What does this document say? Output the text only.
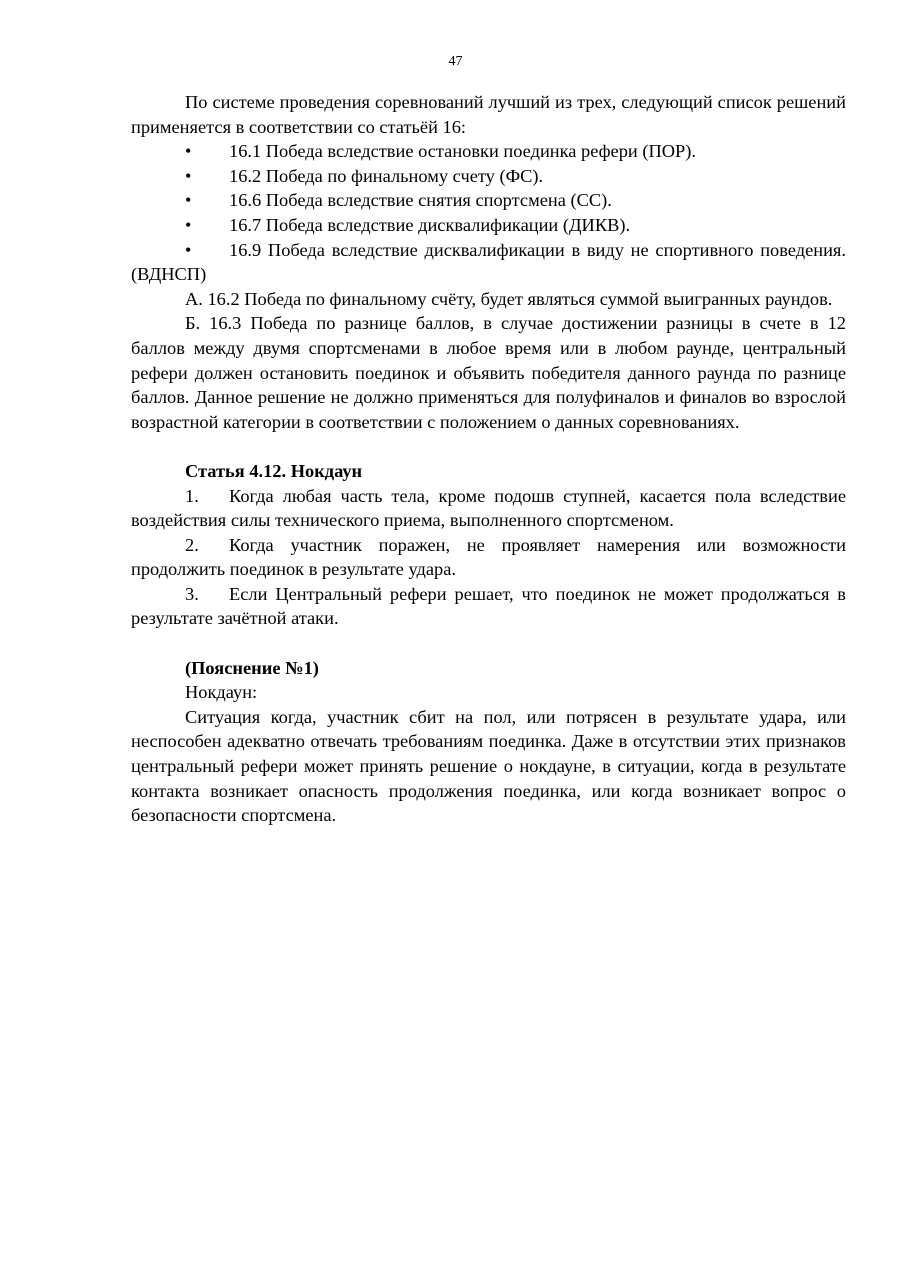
47

По системе проведения соревнований лучший из трех, следующий список решений применяется в соответствии со статьёй 16:

• 16.1 Победа вследствие остановки поединка рефери (ПОР).
• 16.2 Победа по финальному счету (ФС).
• 16.6 Победа вследствие снятия спортсмена (СС).
• 16.7 Победа вследствие дисквалификации (ДИКВ).
• 16.9 Победа вследствие дисквалификации в виду не спортивного поведения. (ВДНСП)

А. 16.2 Победа по финальному счёту, будет являться суммой выигранных раундов.

Б. 16.3 Победа по разнице баллов, в случае достижении разницы в счете в 12 баллов между двумя спортсменами в любое время или в любом раунде, центральный рефери должен остановить поединок и объявить победителя данного раунда по разнице баллов. Данное решение не должно применяться для полуфиналов и финалов во взрослой возрастной категории в соответствии с положением о данных соревнованиях.

Статья 4.12. Нокдаун

1. Когда любая часть тела, кроме подошв ступней, касается пола вследствие воздействия силы технического приема, выполненного спортсменом.

2. Когда участник поражен, не проявляет намерения или возможности продолжить поединок в результате удара.

3. Если Центральный рефери решает, что поединок не может продолжаться в результате зачётной атаки.

(Пояснение №1)

Нокдаун:

Ситуация когда, участник сбит на пол, или потрясен в результате удара, или неспособен адекватно отвечать требованиям поединка. Даже в отсутствии этих признаков центральный рефери может принять решение о нокдауне, в ситуации, когда в результате контакта возникает опасность продолжения поединка, или когда возникает вопрос о безопасности спортсмена.
